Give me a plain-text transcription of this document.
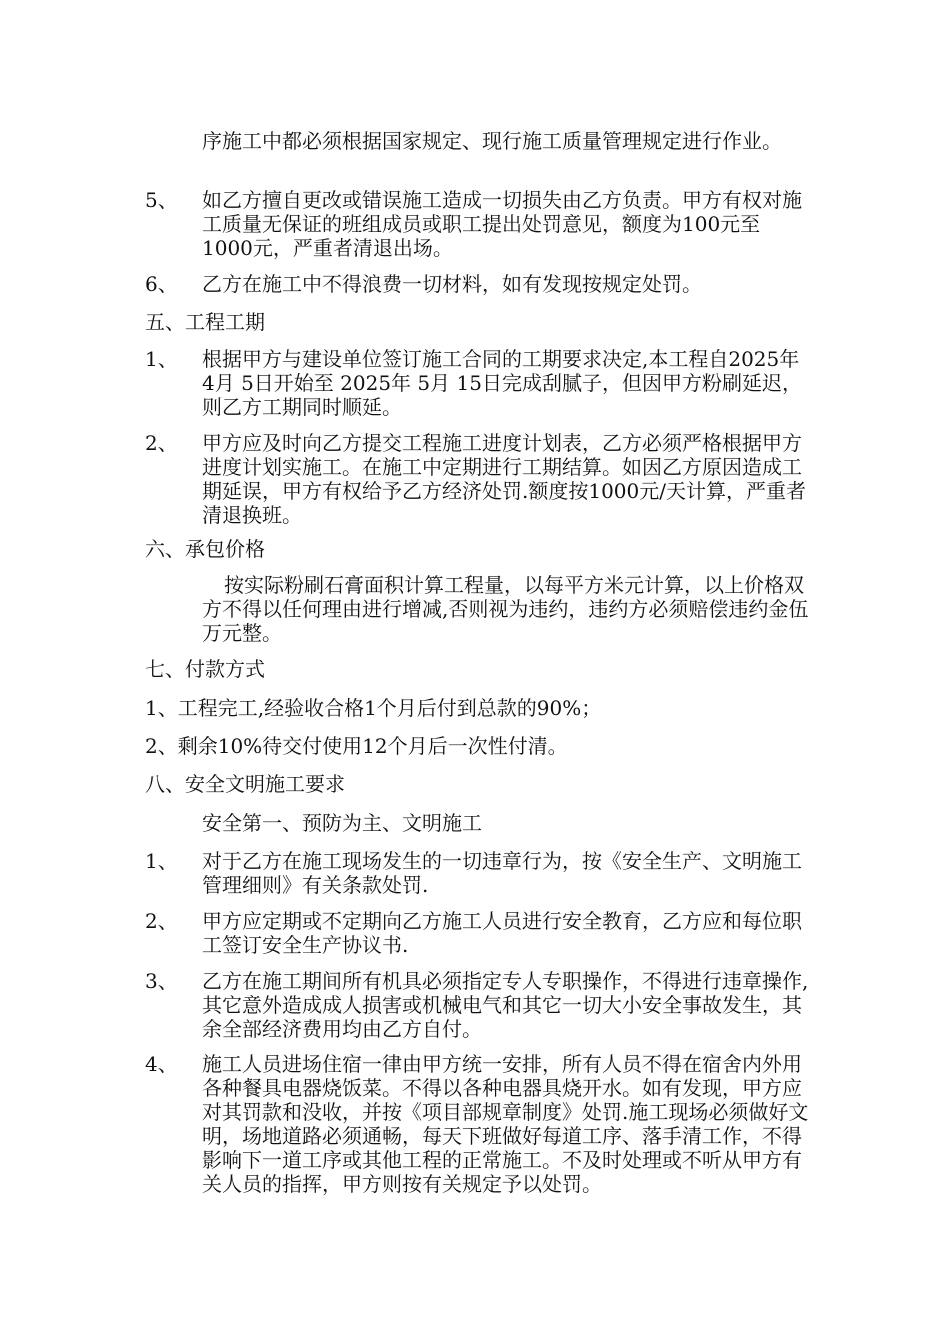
序施工中都必须根据国家规定、现行施工质量管理规定进行作业。
5、	如乙方擅自更改或错误施工造成一切损失由乙方负责。甲方有权对施工质量无保证的班组成员或职工提出处罚意见，额度为100元至1000元，严重者清退出场。
6、	乙方在施工中不得浪费一切材料，如有发现按规定处罚。
五、工程工期
1、	根据甲方与建设单位签订施工合同的工期要求决定,本工程自2025年 4月 5日开始至 2025年 5月 15日完成刮腻子，但因甲方粉刷延迟，则乙方工期同时顺延。
2、	甲方应及时向乙方提交工程施工进度计划表，乙方必须严格根据甲方进度计划实施工。在施工中定期进行工期结算。如因乙方原因造成工期延误，甲方有权给予乙方经济处罚.额度按1000元/天计算，严重者清退换班。
六、承包价格
按实际粉刷石膏面积计算工程量，以每平方米元计算，以上价格双方不得以任何理由进行增减,否则视为违约，违约方必须赔偿违约金伍万元整。
七、付款方式
1、工程完工,经验收合格1个月后付到总款的90%；
2、剩余10%待交付使用12个月后一次性付清。
八、安全文明施工要求
安全第一、预防为主、文明施工
1、	对于乙方在施工现场发生的一切违章行为，按《安全生产、文明施工管理细则》有关条款处罚.
2、	甲方应定期或不定期向乙方施工人员进行安全教育，乙方应和每位职工签订安全生产协议书.
3、	乙方在施工期间所有机具必须指定专人专职操作，不得进行违章操作,其它意外造成成人损害或机械电气和其它一切大小安全事故发生，其余全部经济费用均由乙方自付。
4、	施工人员进场住宿一律由甲方统一安排，所有人员不得在宿舍内外用各种餐具电器烧饭菜。不得以各种电器具烧开水。如有发现，甲方应对其罚款和没收，并按《项目部规章制度》处罚.施工现场必须做好文明，场地道路必须通畅，每天下班做好每道工序、落手清工作，不得影响下一道工序或其他工程的正常施工。不及时处理或不听从甲方有关人员的指挥，甲方则按有关规定予以处罚。
